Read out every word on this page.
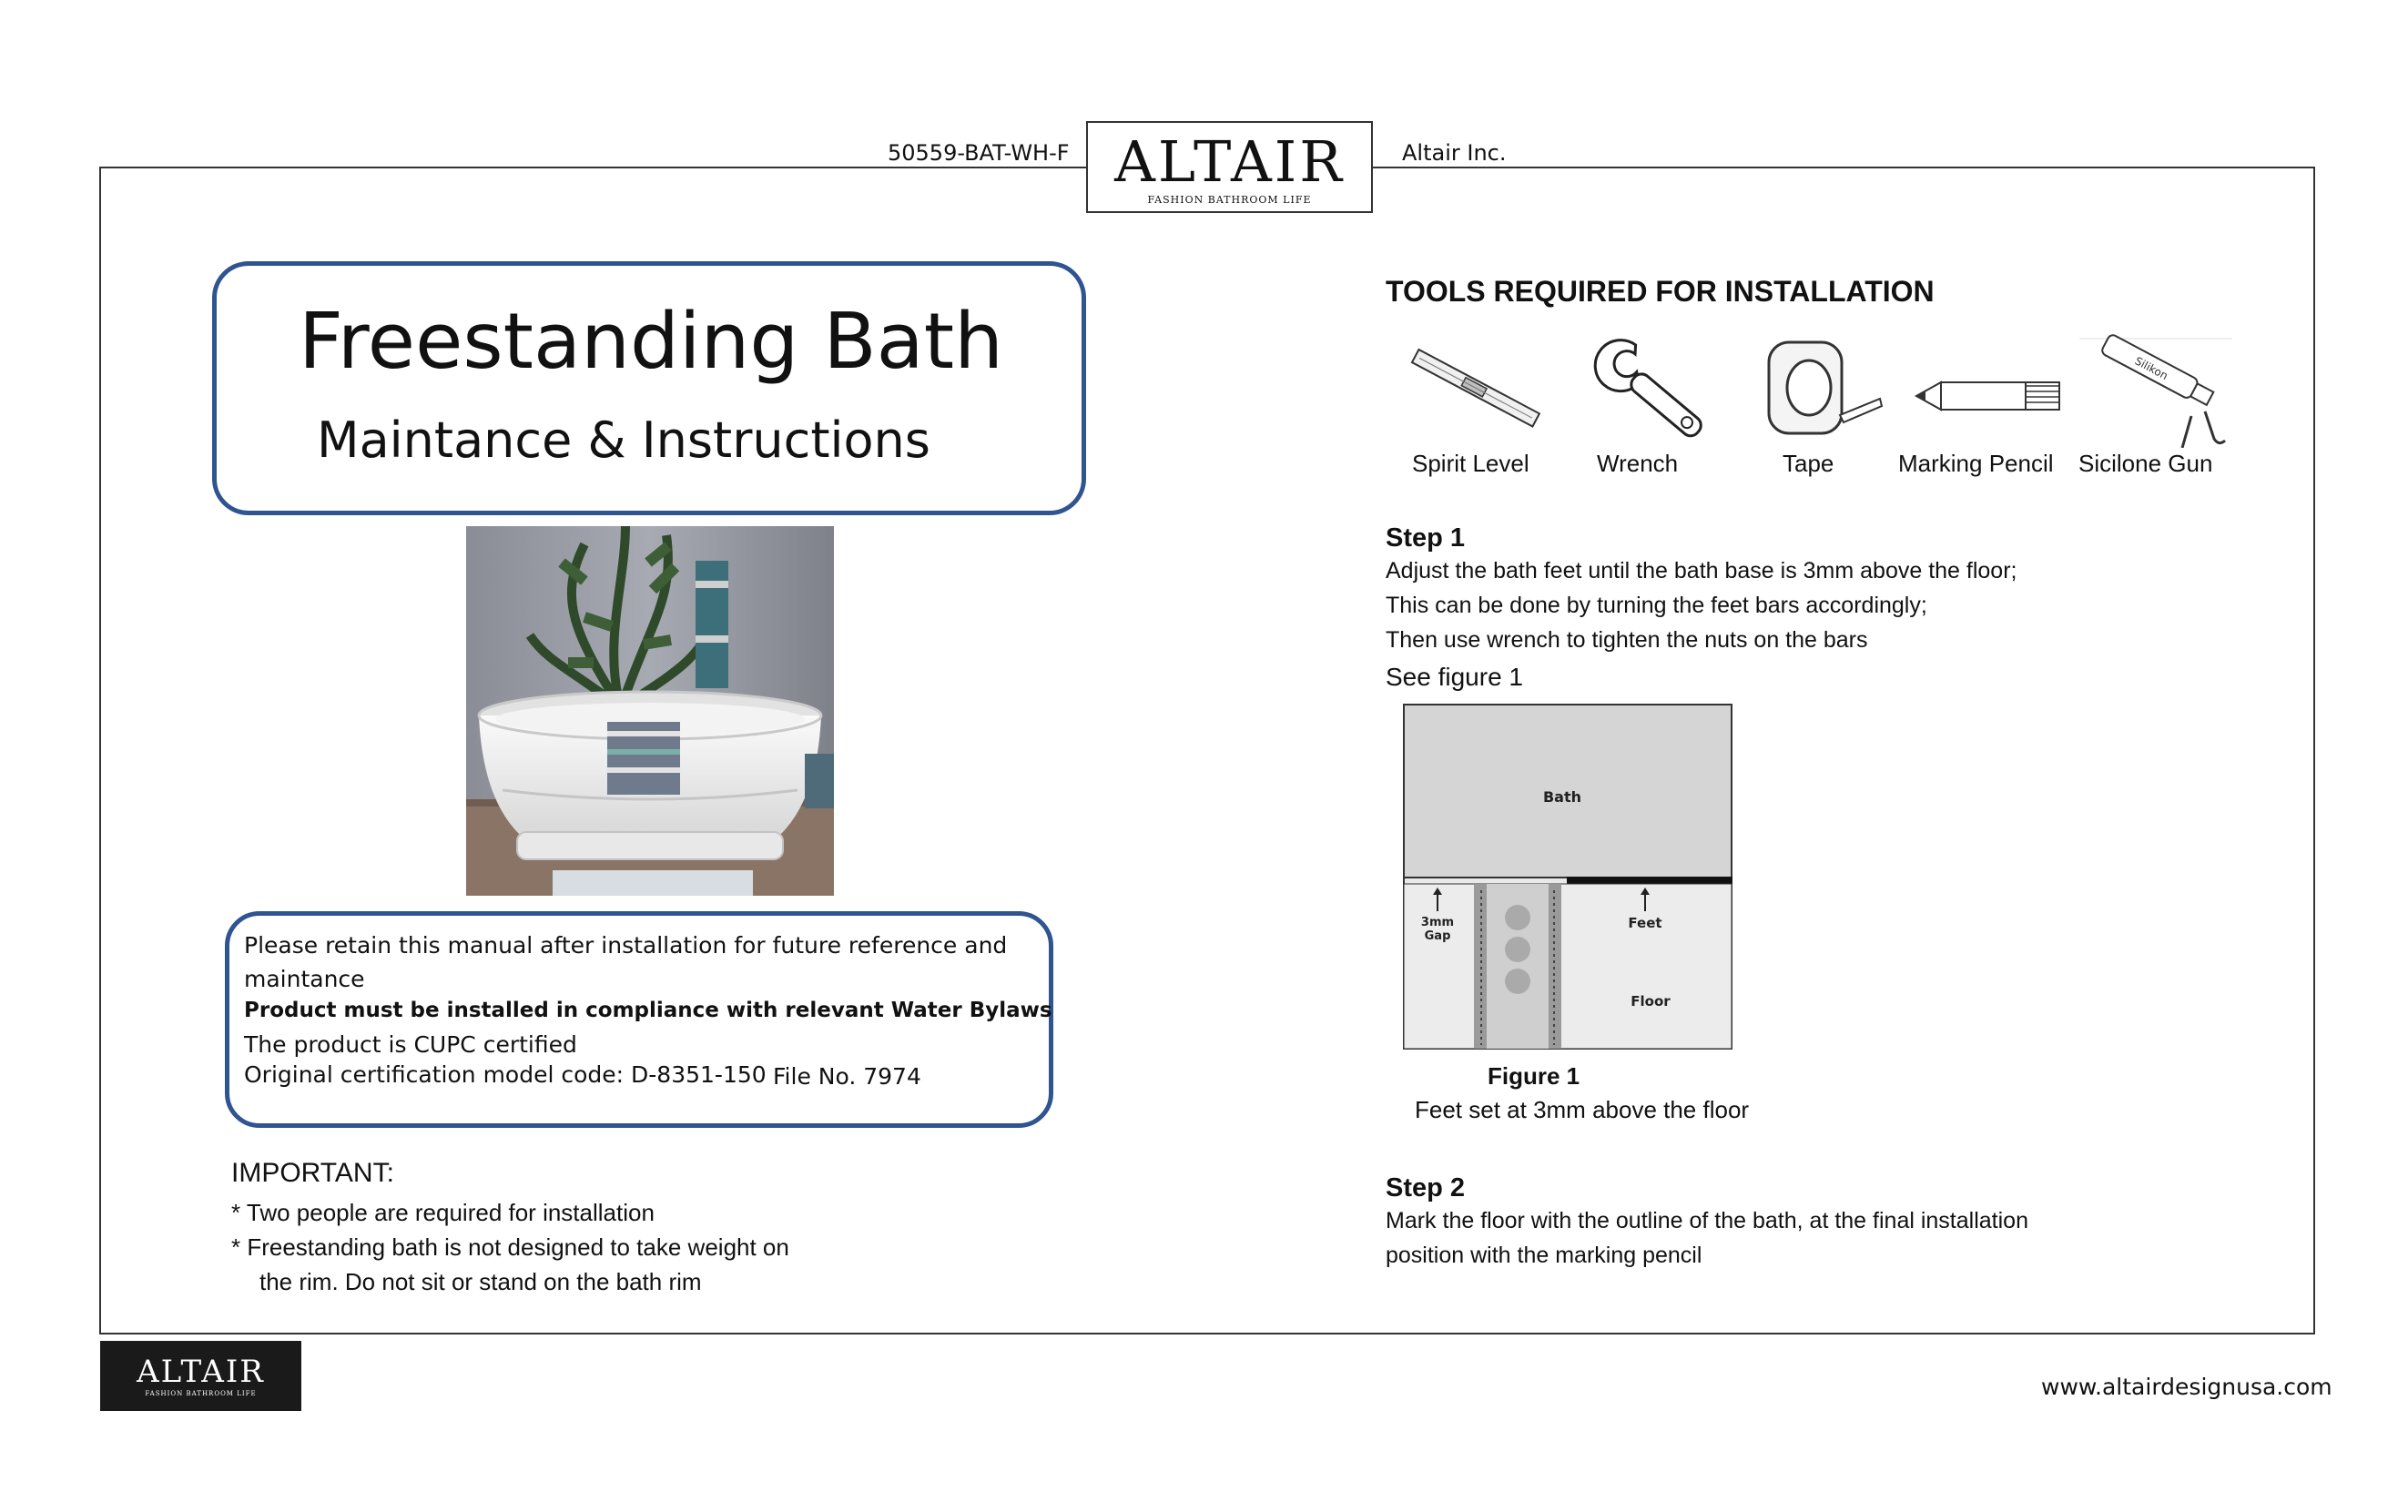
50559-BAT-WH-F	Altair Inc.
ALTAIR
FASHION BATHROOM LIFE
Freestanding Bath
Maintance & Instructions
Please retain this manual after installation for future reference and
maintance
Product must be installed in compliance with relevant Water Bylaws
The product is CUPC certified
Original certification model code: D-8351-150 File No. 7974
IMPORTANT:
* Two people are required for installation
* Freestanding bath is not designed to take weight on
the rim. Do not sit or stand on the bath rim
TOOLS REQUIRED FOR INSTALLATION
Silikon
Spirit Level	Wrench	Tape	Marking Pencil Sicilone Gun
Step 1
Adjust the bath feet until the bath base is 3mm above the floor;
This can be done by turning the feet bars accordingly;
Then use wrench to tighten the nuts on the bars
See figure 1
Bath
3mm
Gap
Feet
Floor
Figure 1
Feet set at 3mm above the floor
Step 2
Mark the floor with the outline of the bath, at the final installation
position with the marking pencil
ALTAIR
FASHION BATHROOM LIFE	www.altairdesignusa.com
